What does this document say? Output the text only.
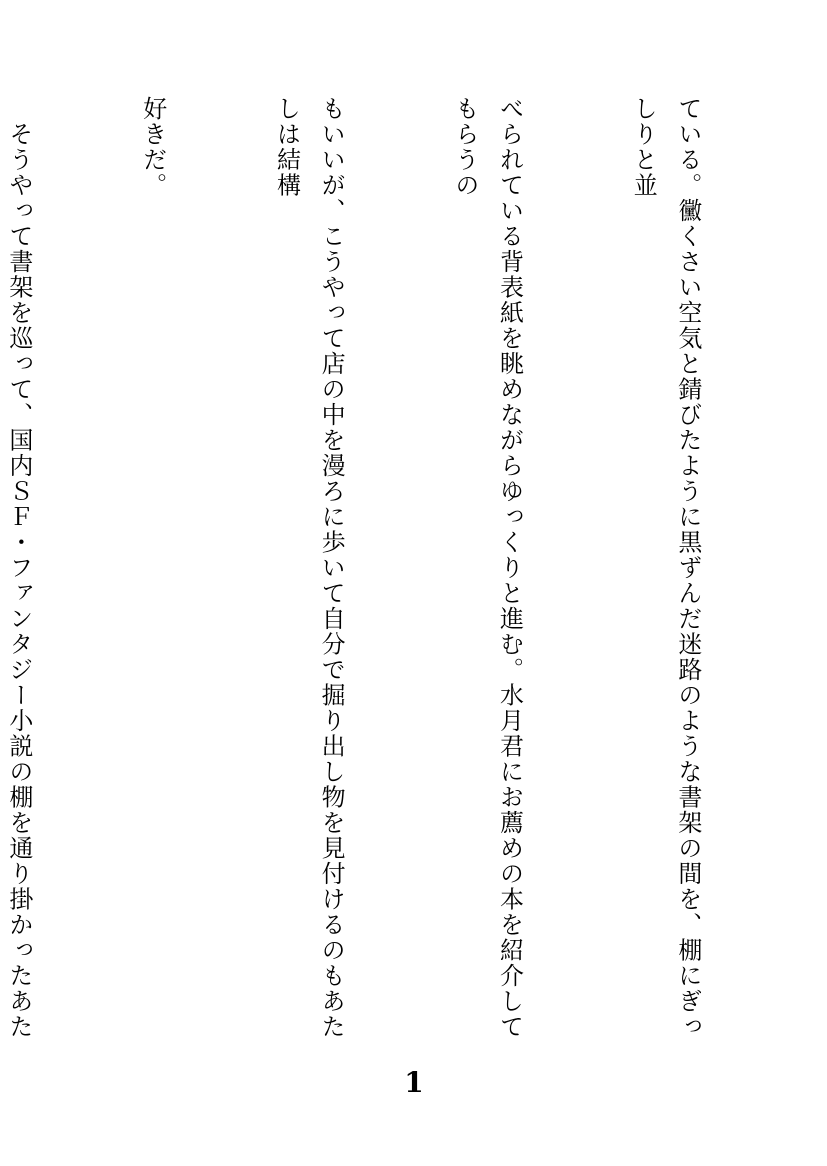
ている。黴くさい空気と錆びたように黒ずんだ迷路のような書架の間を、棚にぎっしりと並

べられている背表紙を眺めながらゆっくりと進む。水月君にお薦めの本を紹介してもらうの

もいいが、こうやって店の中を漫ろに歩いて自分で掘り出し物を見付けるのもあたしは結構

好きだ。

　そうやって書架を巡って、国内ＳＦ・ファンタジー小説の棚を通り掛かったあた

1
